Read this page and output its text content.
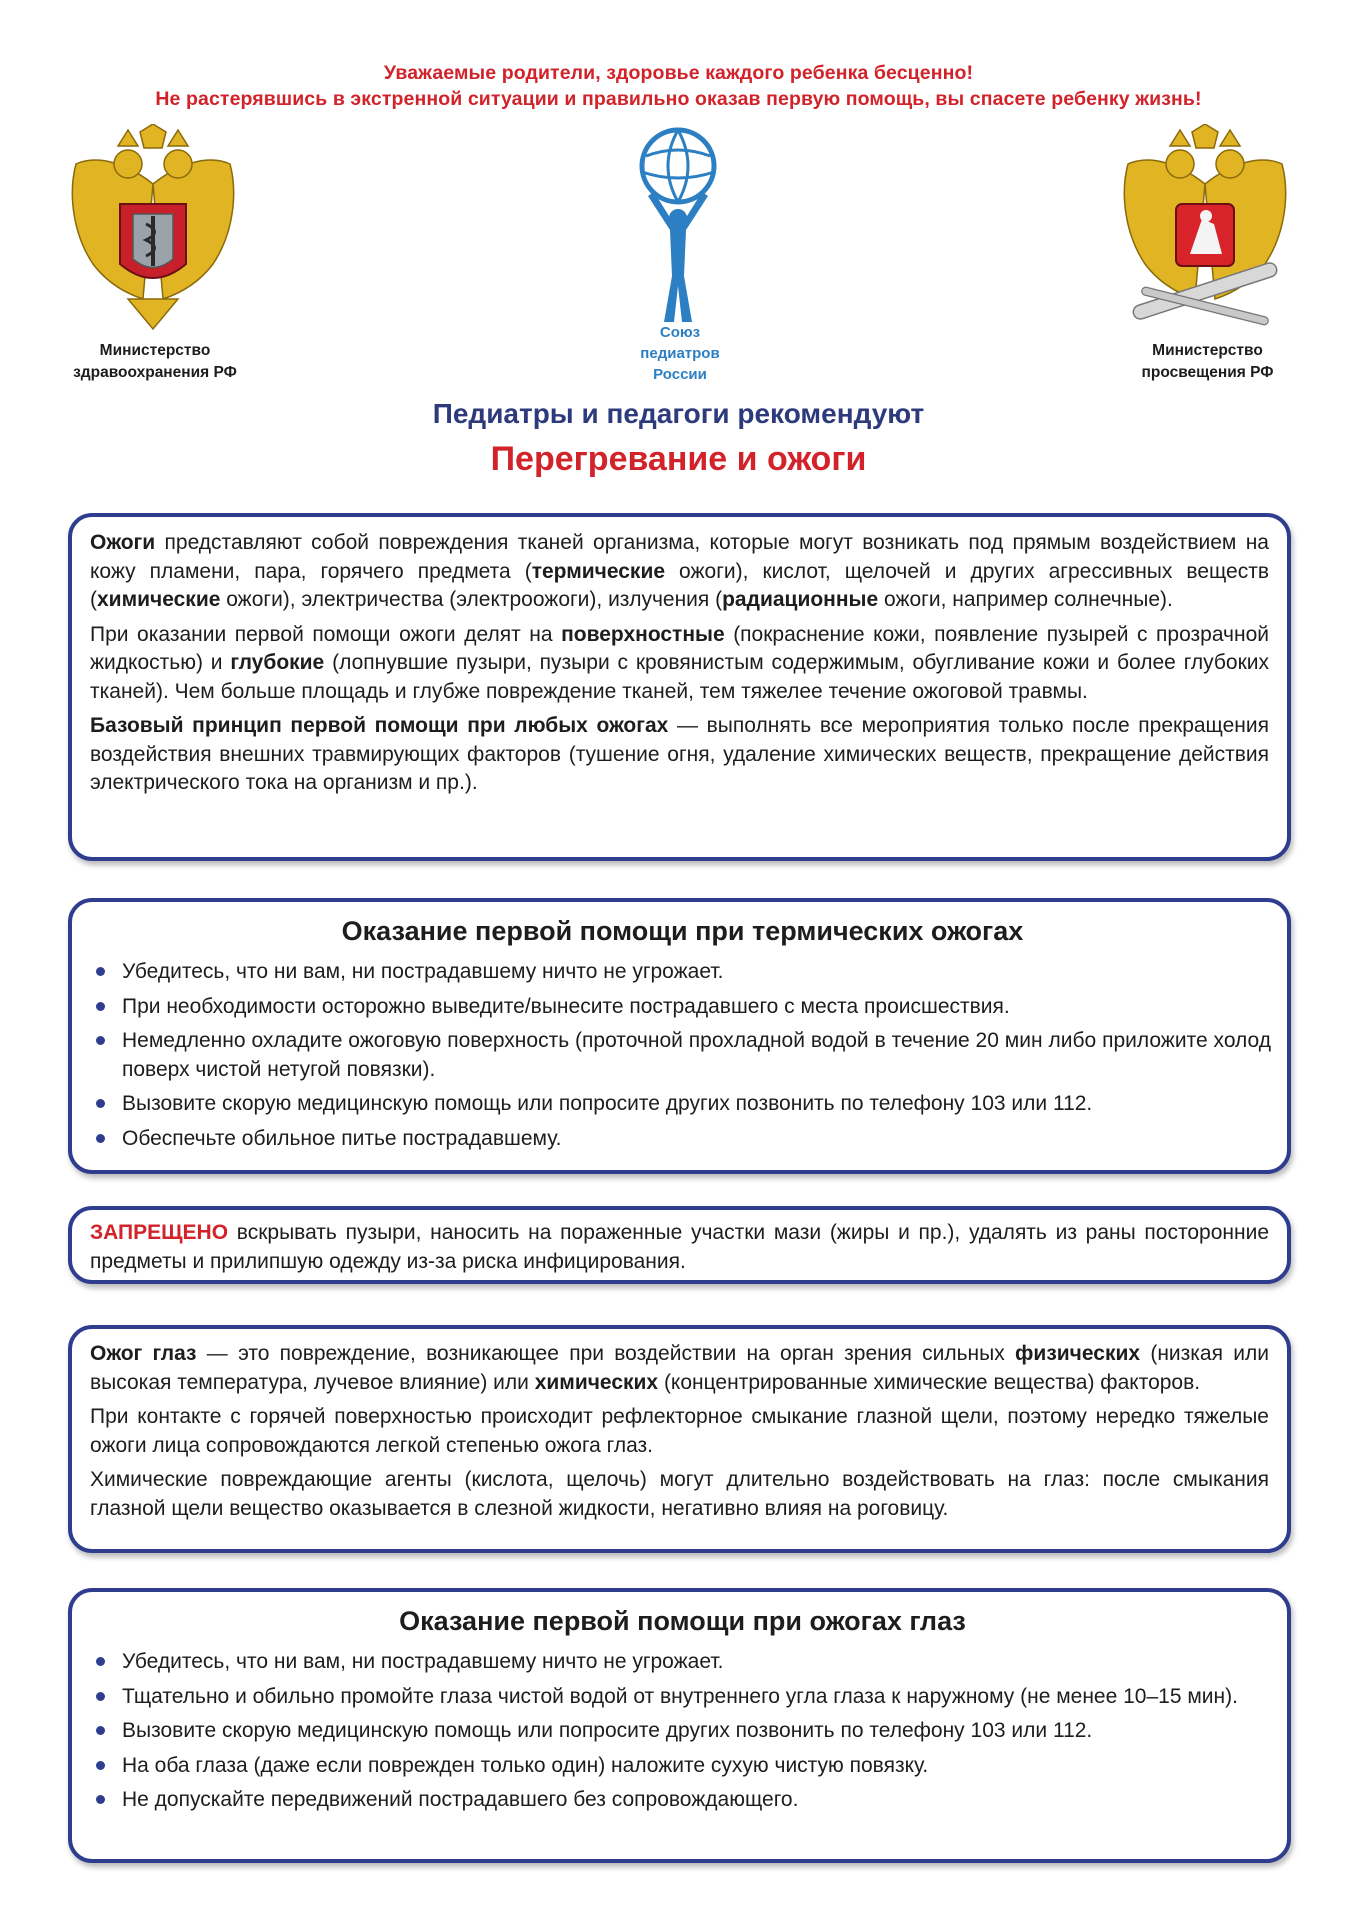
Уважаемые родители, здоровье каждого ребенка бесценно!
Не растерявшись в экстренной ситуации и правильно оказав первую помощь, вы спасете ребенку жизнь!
Министерство
здравоохранения РФ
Союз
педиатров
России
Министерство
просвещения РФ
Педиатры и педагоги рекомендуют
Перегревание и ожоги

Ожоги представляют собой повреждения тканей организма, которые могут возникать под прямым воздействием на кожу пламени, пара, горячего предмета (термические ожоги), кислот, щелочей и других агрессивных веществ (химические ожоги), электричества (электроожоги), излучения (радиационные ожоги, например солнечные).

При оказании первой помощи ожоги делят на поверхностные (покраснение кожи, появление пузырей с прозрачной жидкостью) и глубокие (лопнувшие пузыри, пузыри с кровянистым содержимым, обугливание кожи и более глубоких тканей). Чем больше площадь и глубже повреждение тканей, тем тяжелее течение ожоговой травмы.

Базовый принцип первой помощи при любых ожогах — выполнять все мероприятия только после прекращения воздействия внешних травмирующих факторов (тушение огня, удаление химических веществ, прекращение действия электрического тока на организм и пр.).

Оказание первой помощи при термических ожогах
Убедитесь, что ни вам, ни пострадавшему ничто не угрожает.
При необходимости осторожно выведите/вынесите пострадавшего с места происшествия.
Немедленно охладите ожоговую поверхность (проточной прохладной водой в течение 20 мин либо приложите холод поверх чистой нетугой повязки).
Вызовите скорую медицинскую помощь или попросите других позвонить по телефону 103 или 112.
Обеспечьте обильное питье пострадавшему.

ЗАПРЕЩЕНО вскрывать пузыри, наносить на пораженные участки мази (жиры и пр.), удалять из раны посторонние предметы и прилипшую одежду из-за риска инфицирования.

Ожог глаз — это повреждение, возникающее при воздействии на орган зрения сильных физических (низкая или высокая температура, лучевое влияние) или химических (концентрированные химические вещества) факторов.

При контакте с горячей поверхностью происходит рефлекторное смыкание глазной щели, поэтому нередко тяжелые ожоги лица сопровождаются легкой степенью ожога глаз.

Химические повреждающие агенты (кислота, щелочь) могут длительно воздействовать на глаз: после смыкания глазной щели вещество оказывается в слезной жидкости, негативно влияя на роговицу.

Оказание первой помощи при ожогах глаз
Убедитесь, что ни вам, ни пострадавшему ничто не угрожает.
Тщательно и обильно промойте глаза чистой водой от внутреннего угла глаза к наружному (не менее 10–15 мин).
Вызовите скорую медицинскую помощь или попросите других позвонить по телефону 103 или 112.
На оба глаза (даже если поврежден только один) наложите сухую чистую повязку.
Не допускайте передвижений пострадавшего без сопровождающего.
